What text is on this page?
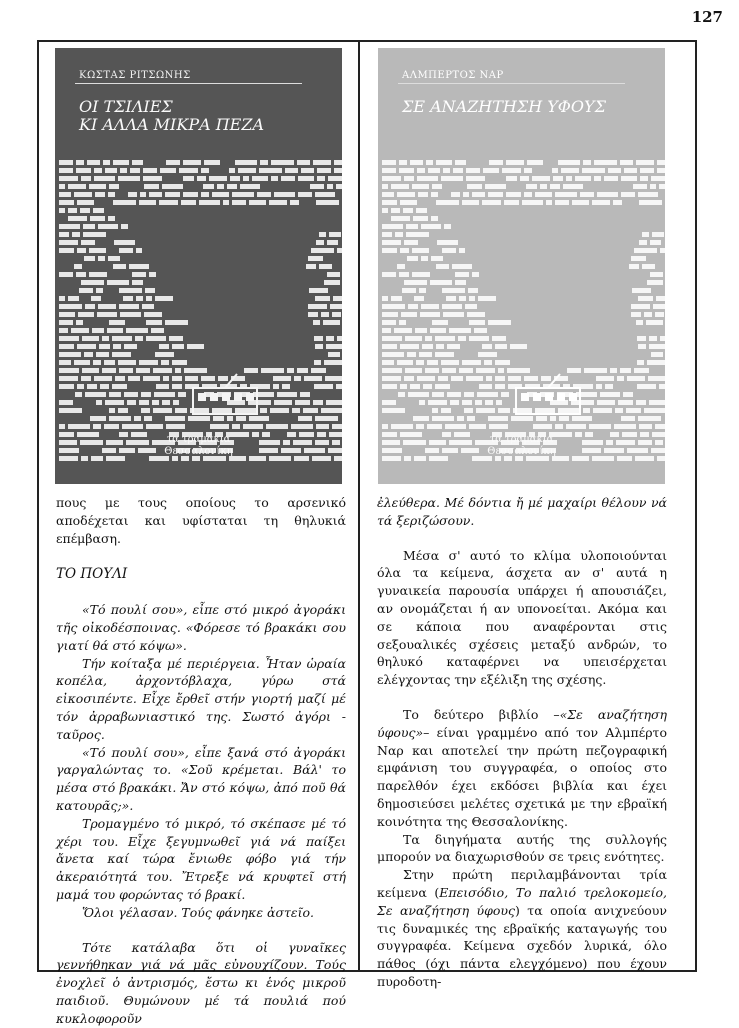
127
ΚΩΣΤΑΣ ΡΙΤΣΩΝΗΣ
ΟΙ ΤΣΙΛΙΕΣ
ΚΙ ΑΛΛΑ ΜΙΚΡΑ ΠΕΖΑ
τα τραμάκια
Θεσσαλονίκη
ΑΛΜΠΕΡΤΟΣ ΝΑΡ
ΣΕ ΑΝΑΖΗΤΗΣΗ ΥΦΟΥΣ
τα τραμάκια
Θεσσαλονίκη

πους με τους οποίους το αρσενικό αποδέχεται και υφίσταται τη θηλυκιά επέμβαση.

ΤΟ ΠΟΥΛΙ

«Τό πουλί σου», εἶπε στό μικρό ἀγοράκι τῆς οἰκοδέσποινας. «Φόρεσε τό βρακάκι σου γιατί θά στό κόψω».

Τήν κοίταξα μέ περιέργεια. Ἦταν ὡραία κοπέλα, ἀρχοντόβλαχα, γύρω στά εἰκοσιπέντε. Εἶχε ἔρθεῖ στήν γιορτή μαζί μέ τόν ἀρραβωνιαστικό της. Σωστό ἀγόρι - ταῦρος.

«Τό πουλί σου», εἶπε ξανά στό ἀγοράκι γαργαλώντας το. «Σοῦ κρέμεται. Βάλ' το μέσα στό βρακάκι. Ἄν στό κόψω, ἀπό ποῦ θά κατουρᾶς;».

Τρομαγμένο τό μικρό, τό σκέπασε μέ τό χέρι του. Εἶχε ξεγυμνωθεῖ γιά νά παίξει ἄνετα καί τώρα ἔνιωθε φόβο γιά τήν ἀκεραιότητά του. Ἔτρεξε νά κρυφτεῖ στή μαμά του φορώντας τό βρακί.

Ὅλοι γέλασαν. Τούς φάνηκε ἀστεῖο.

Τότε κατάλαβα ὅτι οἱ γυναῖκες γεννήθηκαν γιά νά μᾶς εὐνουχίζουν. Τούς ἐνοχλεῖ ὁ ἀντρισμός, ἔστω κι ἑνός μικροῦ παιδιοῦ. Θυμώνουν μέ τά πουλιά πού κυκλοφοροῦν

ἐλεύθερα. Μέ δόντια ἤ μέ μαχαίρι θέλουν νά τά ξεριζώσουν.

Μέσα σ' αυτό το κλίμα υλοποιούνται όλα τα κείμενα, άσχετα αν σ' αυτά η γυναικεία παρουσία υπάρχει ή απουσιάζει, αν ονομάζεται ή αν υπονοείται. Ακόμα και σε κάποια που αναφέρονται στις σεξουαλικές σχέσεις μεταξύ ανδρών, το θηλυκό καταφέρνει να υπεισέρχεται ελέγχοντας την εξέλιξη της σχέσης.

Το δεύτερο βιβλίο –«Σε αναζήτηση ύφους»– είναι γραμμένο από τον Αλμπέρτο Ναρ και αποτελεί την πρώτη πεζογραφική εμφάνιση του συγγραφέα, ο οποίος στο παρελθόν έχει εκδόσει βιβλία και έχει δημοσιεύσει μελέτες σχετικά με την εβραϊκή κοινότητα της Θεσσαλονίκης.

Τα διηγήματα αυτής της συλλογής μπορούν να διαχωρισθούν σε τρεις ενότητες.

Στην πρώτη περιλαμβάνονται τρία κείμενα (Επεισόδιο, Το παλιό τρελοκομείο, Σε αναζήτηση ύφους) τα οποία ανιχνεύουν τις δυναμικές της εβραϊκής καταγωγής του συγγραφέα. Κείμενα σχεδόν λυρικά, όλο πάθος (όχι πάντα ελεγχόμενο) που έχουν πυροδοτη-
